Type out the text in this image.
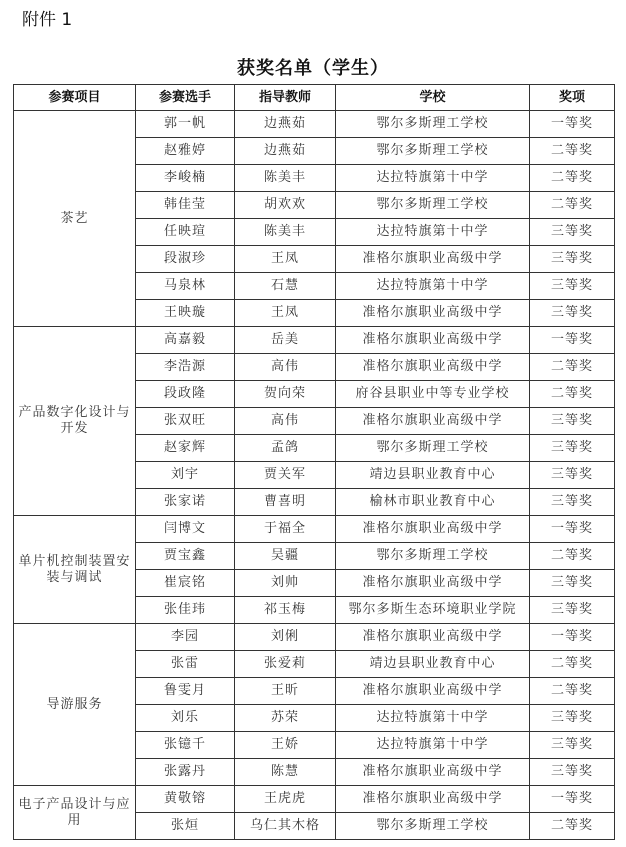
附件 1
获奖名单（学生）
参赛项目	参赛选手	指导教师	学校	奖项
茶艺	郭一帆	边燕茹	鄂尔多斯理工学校	一等奖
	赵雅婷	边燕茹	鄂尔多斯理工学校	二等奖
	李峻楠	陈美丰	达拉特旗第十中学	二等奖
	韩佳莹	胡欢欢	鄂尔多斯理工学校	二等奖
	任映瑄	陈美丰	达拉特旗第十中学	三等奖
	段淑珍	王凤	准格尔旗职业高级中学	三等奖
	马泉林	石慧	达拉特旗第十中学	三等奖
	王映璇	王凤	准格尔旗职业高级中学	三等奖
产品数字化设计与开发	高嘉毅	岳美	准格尔旗职业高级中学	一等奖
	李浩源	高伟	准格尔旗职业高级中学	二等奖
	段政隆	贺向荣	府谷县职业中等专业学校	二等奖
	张双旺	高伟	准格尔旗职业高级中学	三等奖
	赵家辉	孟鸽	鄂尔多斯理工学校	三等奖
	刘宇	贾关军	靖边县职业教育中心	三等奖
	张家诺	曹喜明	榆林市职业教育中心	三等奖
单片机控制装置安装与调试	闫博文	于福全	准格尔旗职业高级中学	一等奖
	贾宝鑫	吴疆	鄂尔多斯理工学校	二等奖
	崔宸铭	刘帅	准格尔旗职业高级中学	三等奖
	张佳玮	祁玉梅	鄂尔多斯生态环境职业学院	三等奖
导游服务	李园	刘俐	准格尔旗职业高级中学	一等奖
	张雷	张爱莉	靖边县职业教育中心	二等奖
	鲁雯月	王昕	准格尔旗职业高级中学	二等奖
	刘乐	苏荣	达拉特旗第十中学	三等奖
	张镱千	王娇	达拉特旗第十中学	三等奖
	张露丹	陈慧	准格尔旗职业高级中学	三等奖
电子产品设计与应用	黄敬镕	王虎虎	准格尔旗职业高级中学	一等奖
	张烜	乌仁其木格	鄂尔多斯理工学校	二等奖
